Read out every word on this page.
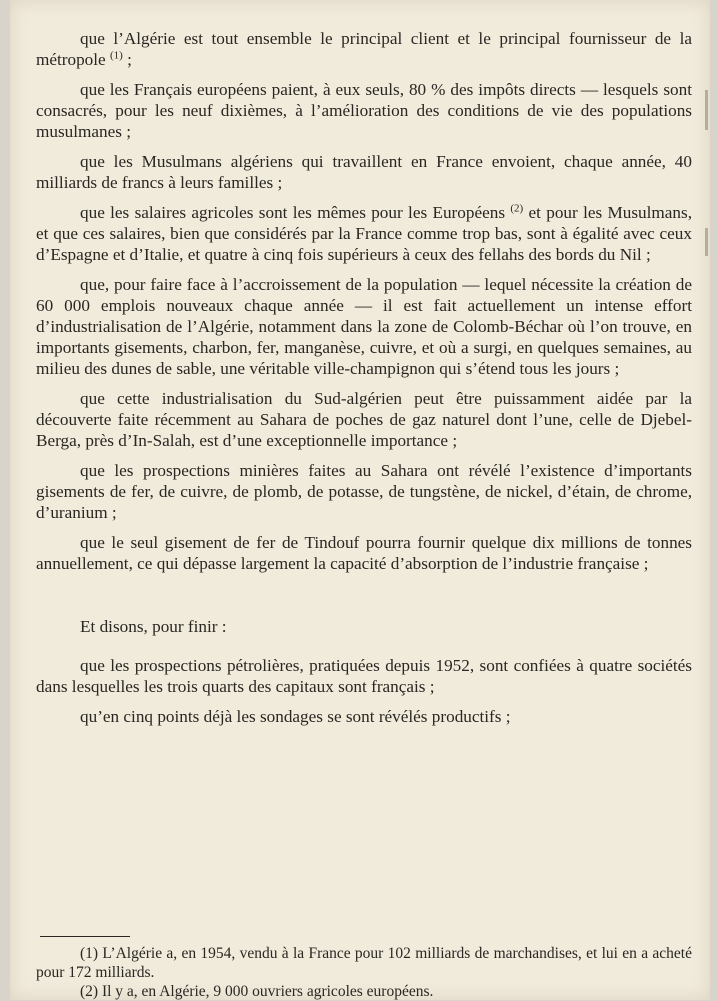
que l’Algérie est tout ensemble le principal client et le principal fournisseur de la métropole $^{(1)}$ ;

que les Français européens paient, à eux seuls, 80 % des impôts directs — lesquels sont consacrés, pour les neuf dixièmes, à l’amélioration des conditions de vie des populations musulmanes ;

que les Musulmans algériens qui travaillent en France envoient, chaque année, 40 milliards de francs à leurs familles ;

que les salaires agricoles sont les mêmes pour les Européens $^{(2)}$ et pour les Musulmans, et que ces salaires, bien que considérés par la France comme trop bas, sont à égalité avec ceux d’Espagne et d’Italie, et quatre à cinq fois supérieurs à ceux des fellahs des bords du Nil ;

que, pour faire face à l’accroissement de la population — lequel nécessite la création de 60 000 emplois nouveaux chaque année — il est fait actuellement un intense effort d’industrialisation de l’Algérie, notamment dans la zone de Colomb-Béchar où l’on trouve, en importants gisements, charbon, fer, manganèse, cuivre, et où a surgi, en quelques semaines, au milieu des dunes de sable, une véritable ville-champignon qui s’étend tous les jours ;

que cette industrialisation du Sud-algérien peut être puissamment aidée par la découverte faite récemment au Sahara de poches de gaz naturel dont l’une, celle de Djebel-Berga, près d’In-Salah, est d’une exceptionnelle importance ;

que les prospections minières faites au Sahara ont révélé l’existence d’importants gisements de fer, de cuivre, de plomb, de potasse, de tungstène, de nickel, d’étain, de chrome, d’uranium ;

que le seul gisement de fer de Tindouf pourra fournir quelque dix millions de tonnes annuellement, ce qui dépasse largement la capacité d’absorption de l’industrie française ;

Et disons, pour finir :

que les prospections pétrolières, pratiquées depuis 1952, sont confiées à quatre sociétés dans lesquelles les trois quarts des capitaux sont français ;

qu’en cinq points déjà les sondages se sont révélés productifs ;

(1) L’Algérie a, en 1954, vendu à la France pour 102 milliards de marchandises, et lui en a acheté pour 172 milliards.

(2) Il y a, en Algérie, 9 000 ouvriers agricoles européens.
